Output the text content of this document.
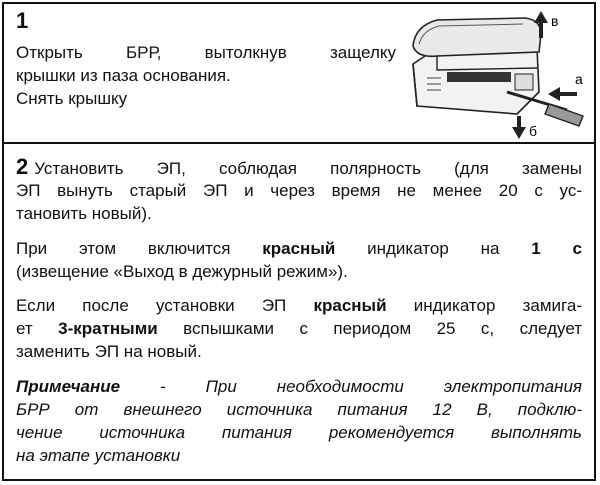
1

Открыть БРР, вытолкнув защелку

крышки из паза основания.

Снять крышку

в
а
б

2 Установить ЭП, соблюдая полярность (для замены

ЭП вынуть старый ЭП и через время не менее 20 с ус-

тановить новый).

При этом включится красный индикатор на 1 с

(извещение «Выход в дежурный режим»).

Если после установки ЭП красный индикатор замига-

ет 3-кратными вспышками с периодом 25 с, следует

заменить ЭП на новый.

Примечание - При необходимости электропитания

БРР от внешнего источника питания 12 В, подклю-

чение источника питания рекомендуется выполнять

на этапе установки
